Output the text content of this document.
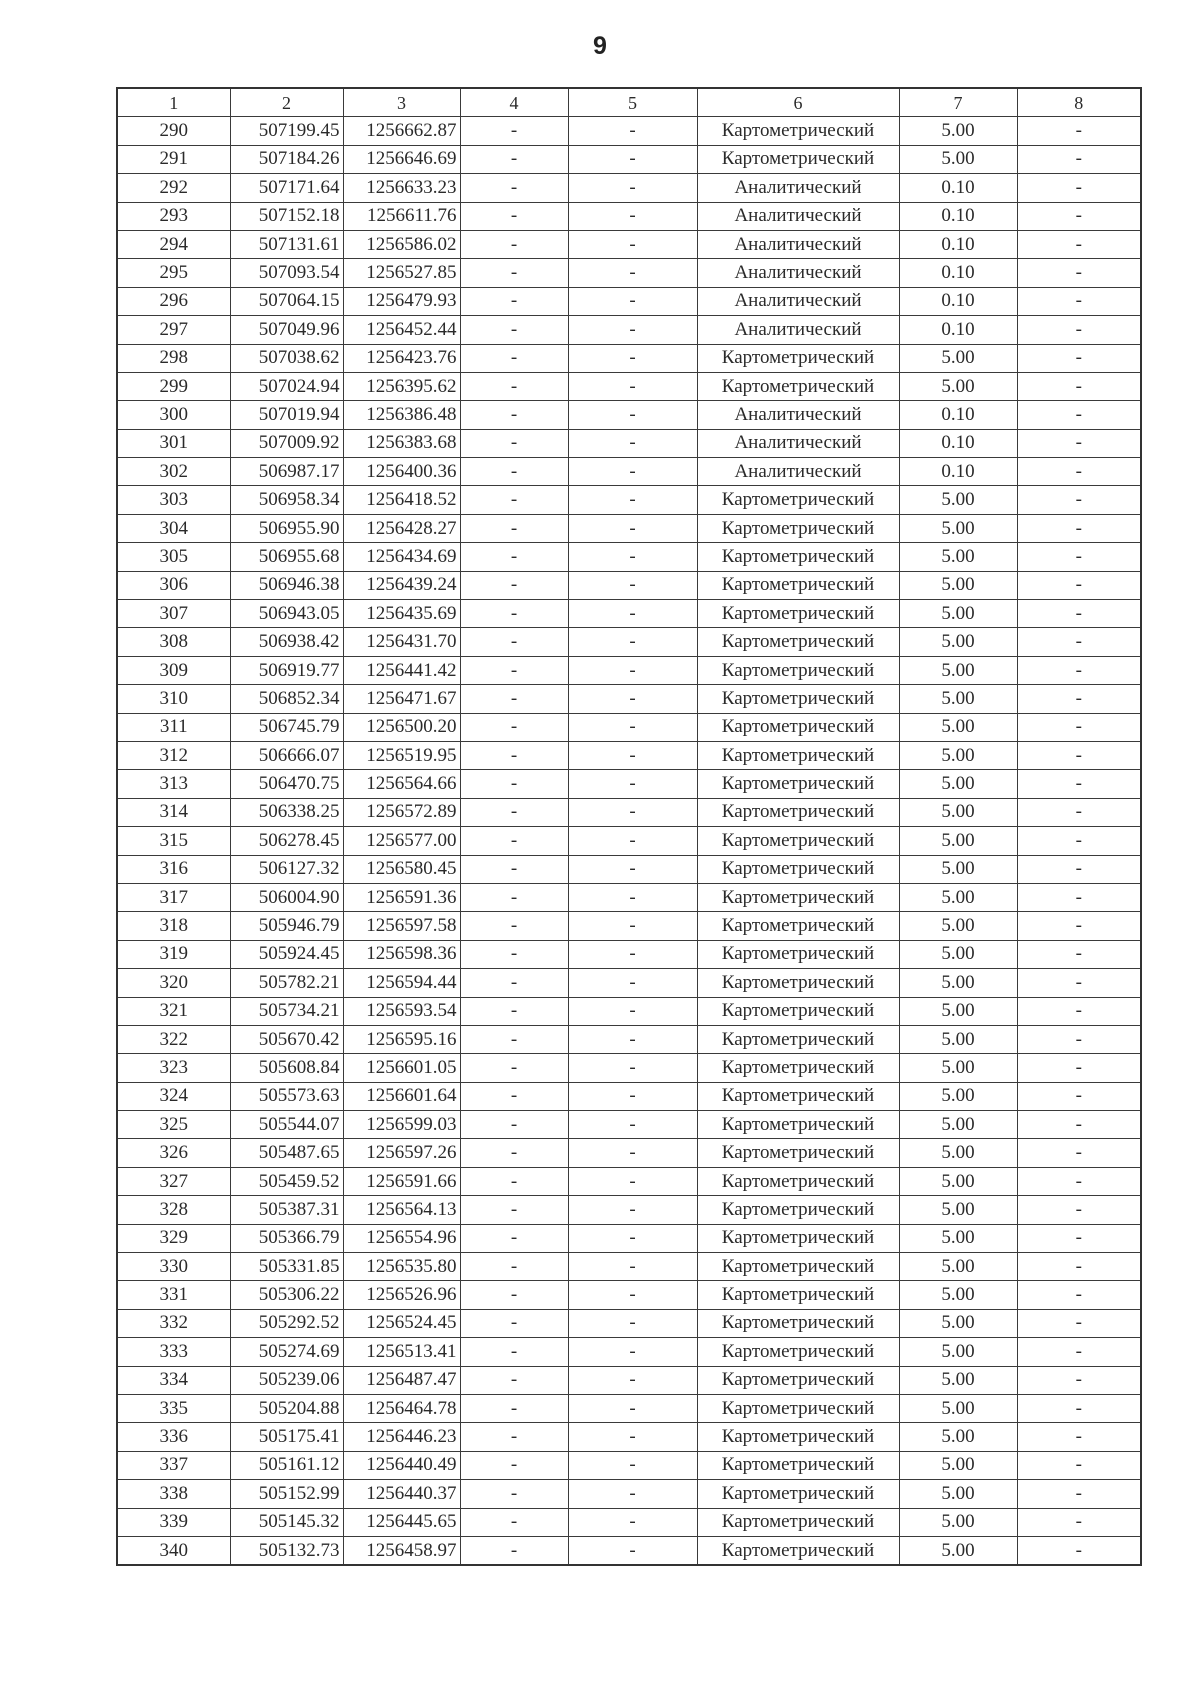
9
1	2	3	4	5	6	7	8
290	507199.45	1256662.87	-	-	Картометрический	5.00	-
291	507184.26	1256646.69	-	-	Картометрический	5.00	-
292	507171.64	1256633.23	-	-	Аналитический	0.10	-
293	507152.18	1256611.76	-	-	Аналитический	0.10	-
294	507131.61	1256586.02	-	-	Аналитический	0.10	-
295	507093.54	1256527.85	-	-	Аналитический	0.10	-
296	507064.15	1256479.93	-	-	Аналитический	0.10	-
297	507049.96	1256452.44	-	-	Аналитический	0.10	-
298	507038.62	1256423.76	-	-	Картометрический	5.00	-
299	507024.94	1256395.62	-	-	Картометрический	5.00	-
300	507019.94	1256386.48	-	-	Аналитический	0.10	-
301	507009.92	1256383.68	-	-	Аналитический	0.10	-
302	506987.17	1256400.36	-	-	Аналитический	0.10	-
303	506958.34	1256418.52	-	-	Картометрический	5.00	-
304	506955.90	1256428.27	-	-	Картометрический	5.00	-
305	506955.68	1256434.69	-	-	Картометрический	5.00	-
306	506946.38	1256439.24	-	-	Картометрический	5.00	-
307	506943.05	1256435.69	-	-	Картометрический	5.00	-
308	506938.42	1256431.70	-	-	Картометрический	5.00	-
309	506919.77	1256441.42	-	-	Картометрический	5.00	-
310	506852.34	1256471.67	-	-	Картометрический	5.00	-
311	506745.79	1256500.20	-	-	Картометрический	5.00	-
312	506666.07	1256519.95	-	-	Картометрический	5.00	-
313	506470.75	1256564.66	-	-	Картометрический	5.00	-
314	506338.25	1256572.89	-	-	Картометрический	5.00	-
315	506278.45	1256577.00	-	-	Картометрический	5.00	-
316	506127.32	1256580.45	-	-	Картометрический	5.00	-
317	506004.90	1256591.36	-	-	Картометрический	5.00	-
318	505946.79	1256597.58	-	-	Картометрический	5.00	-
319	505924.45	1256598.36	-	-	Картометрический	5.00	-
320	505782.21	1256594.44	-	-	Картометрический	5.00	-
321	505734.21	1256593.54	-	-	Картометрический	5.00	-
322	505670.42	1256595.16	-	-	Картометрический	5.00	-
323	505608.84	1256601.05	-	-	Картометрический	5.00	-
324	505573.63	1256601.64	-	-	Картометрический	5.00	-
325	505544.07	1256599.03	-	-	Картометрический	5.00	-
326	505487.65	1256597.26	-	-	Картометрический	5.00	-
327	505459.52	1256591.66	-	-	Картометрический	5.00	-
328	505387.31	1256564.13	-	-	Картометрический	5.00	-
329	505366.79	1256554.96	-	-	Картометрический	5.00	-
330	505331.85	1256535.80	-	-	Картометрический	5.00	-
331	505306.22	1256526.96	-	-	Картометрический	5.00	-
332	505292.52	1256524.45	-	-	Картометрический	5.00	-
333	505274.69	1256513.41	-	-	Картометрический	5.00	-
334	505239.06	1256487.47	-	-	Картометрический	5.00	-
335	505204.88	1256464.78	-	-	Картометрический	5.00	-
336	505175.41	1256446.23	-	-	Картометрический	5.00	-
337	505161.12	1256440.49	-	-	Картометрический	5.00	-
338	505152.99	1256440.37	-	-	Картометрический	5.00	-
339	505145.32	1256445.65	-	-	Картометрический	5.00	-
340	505132.73	1256458.97	-	-	Картометрический	5.00	-
